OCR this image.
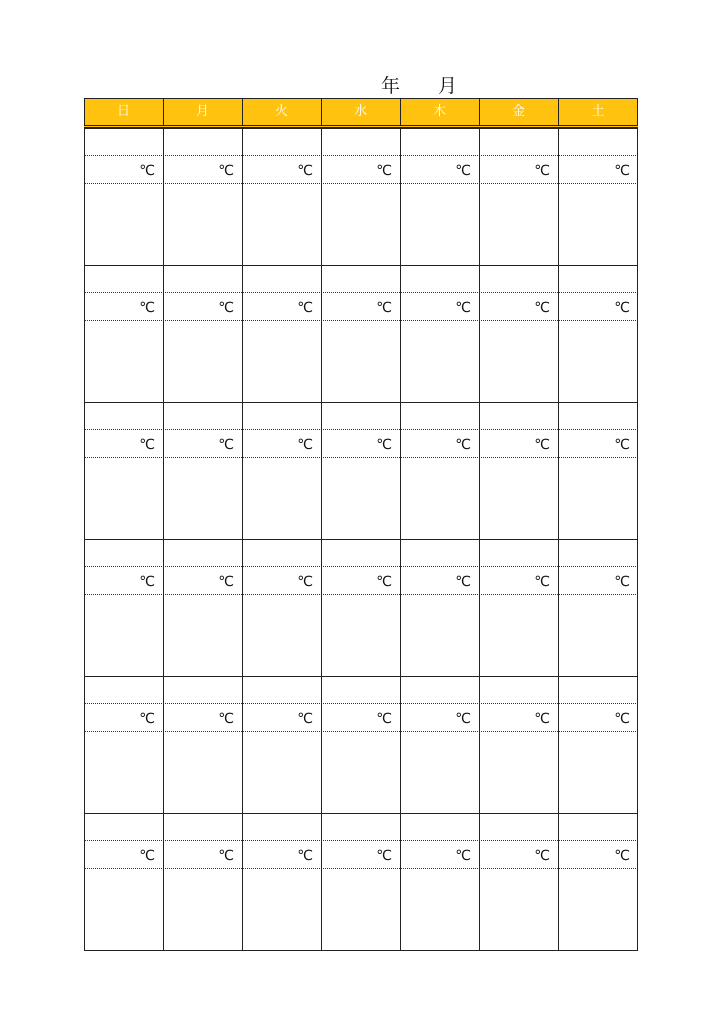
年 月
日	月	火	水	木	金	土
℃	℃	℃	℃	℃	℃	℃
℃	℃	℃	℃	℃	℃	℃
℃	℃	℃	℃	℃	℃	℃
℃	℃	℃	℃	℃	℃	℃
℃	℃	℃	℃	℃	℃	℃
℃	℃	℃	℃	℃	℃	℃
